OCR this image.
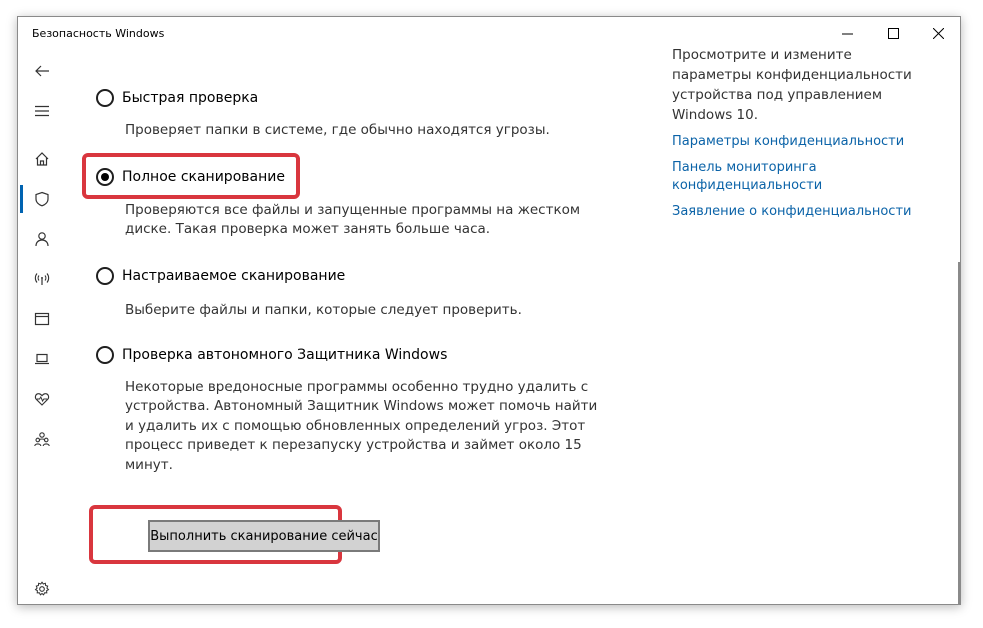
Безопасность Windows
Быстрая проверка
Проверяет папки в системе, где обычно находятся угрозы.
Полное сканирование
Проверяются все файлы и запущенные программы на жестком
диске. Такая проверка может занять больше часа.
Настраиваемое сканирование
Выберите файлы и папки, которые следует проверить.
Проверка автономного Защитника Windows
Некоторые вредоносные программы особенно трудно удалить с
устройства. Автономный Защитник Windows может помочь найти
и удалить их с помощью обновленных определений угроз. Этот
процесс приведет к перезапуску устройства и займет около 15
минут.
Выполнить сканирование сейчас
Просмотрите и измените
параметры конфиденциальности
устройства под управлением
Windows 10.
Параметры конфиденциальности
Панель мониторинга
конфиденциальности
Заявление о конфиденциальности
